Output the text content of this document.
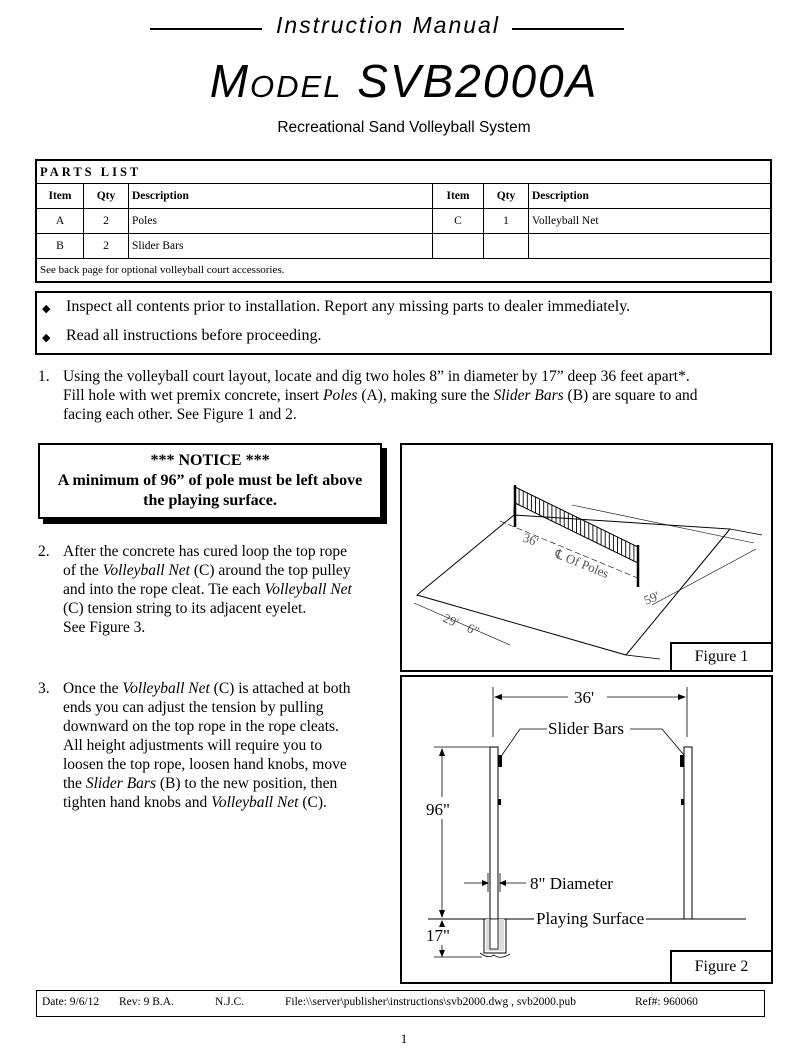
Instruction Manual
MODEL SVB2000A
Recreational Sand Volleyball System
PARTS LIST					
Item	Qty	Description	Item	Qty	Description
A	2	Poles	C	1	Volleyball Net
B	2	Slider Bars			
See back page for optional volleyball court accessories.					
◆ Inspect all contents prior to installation. Report any missing parts to dealer immediately.
◆ Read all instructions before proceeding.
1. Using the volleyball court layout, locate and dig two holes 8” in diameter by 17” deep 36 feet apart*.
Fill hole with wet premix concrete, insert Poles (A), making sure the Slider Bars (B) are square to and
facing each other. See Figure 1 and 2.
*** NOTICE ***
A minimum of 96” of pole must be left above
the playing surface.
2. After the concrete has cured loop the top rope
of the Volleyball Net (C) around the top pulley
and into the rope cleat. Tie each Volleyball Net
(C) tension string to its adjacent eyelet.
See Figure 3.
3. Once the Volleyball Net (C) is attached at both
ends you can adjust the tension by pulling
downward on the top rope in the rope cleats.
All height adjustments will require you to
loosen the top rope, loosen hand knobs, move
the Slider Bars (B) to the new position, then
tighten hand knobs and Volleyball Net (C).
36'
℄ Of Poles
59'
29' 6"
Figure 1
36'
Slider Bars
96"
8" Diameter
Playing Surface
17"
Figure 2
Date: 9/6/12 Rev: 9 B.A.	N.J.C.	File:\\server\publisher\instructions\svb2000.dwg , svb2000.pub	Ref#: 960060
1
